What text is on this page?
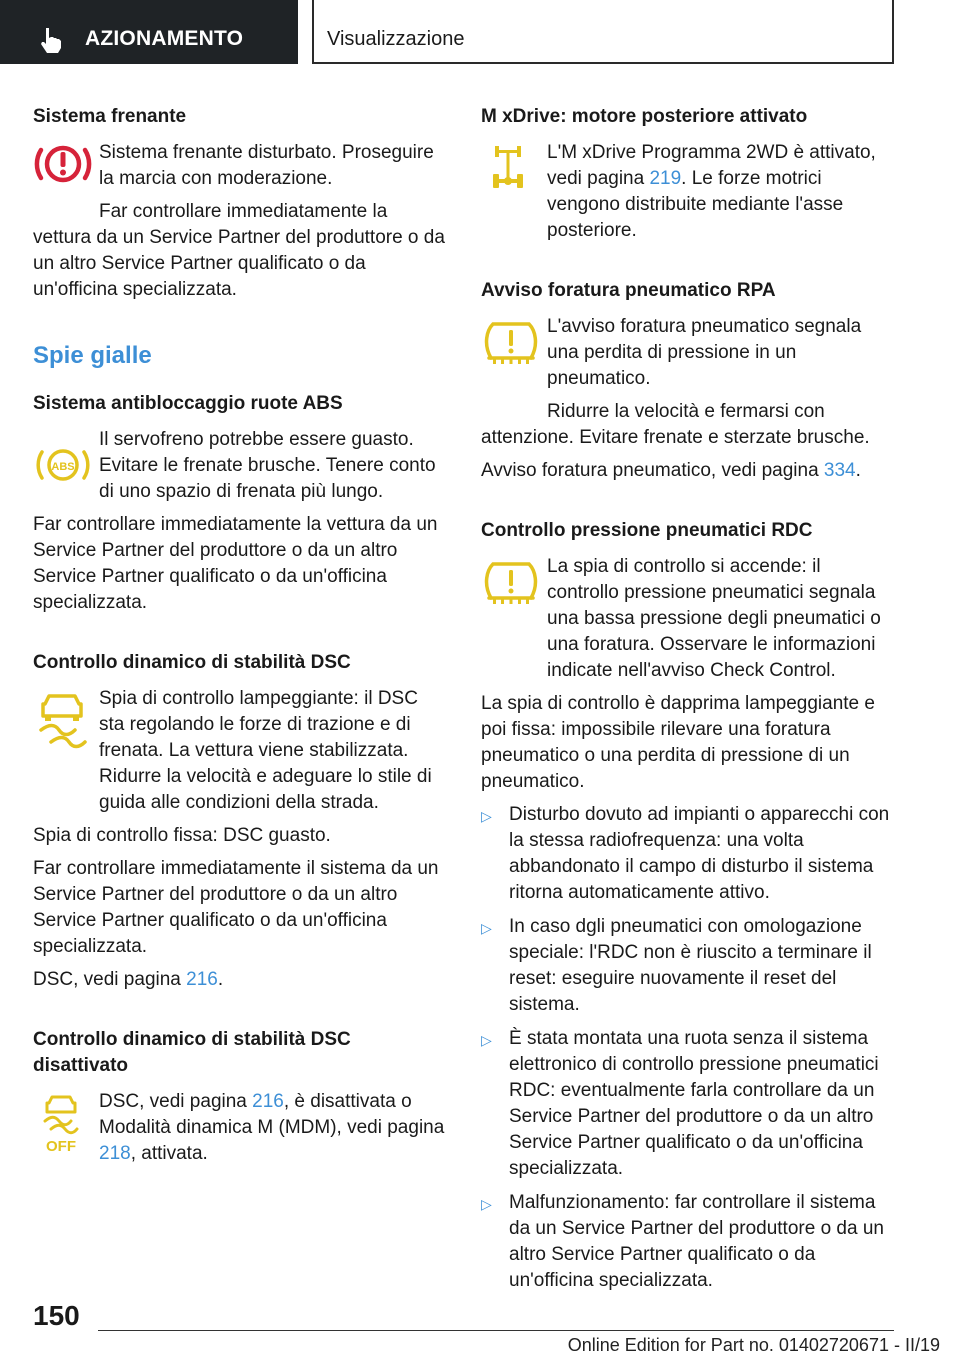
AZIONAMENTO	Visualizzazione
Sistema frenante

Sistema frenante disturbato. Proseguire la marcia con moderazione.

Far controllare immediatamente la vettura da un Service Partner del produttore o da un altro Service Partner qualificato o da un'officina specializzata.

Spie gialle
Sistema antibloccaggio ruote ABS
ABS

Il servofreno potrebbe essere guasto. Evitare le frenate brusche. Tenere conto di uno spazio di frenata più lungo.

Far controllare immediatamente la vettura da un Service Partner del produttore o da un altro Service Partner qualificato o da un'officina specializzata.

Controllo dinamico di stabilità DSC

Spia di controllo lampeggiante: il DSC sta regolando le forze di trazione e di frenata. La vettura viene stabilizzata. Ridurre la velocità e adeguare lo stile di guida alle condizioni della strada.

Spia di controllo fissa: DSC guasto.

Far controllare immediatamente il sistema da un Service Partner del produttore o da un altro Service Partner qualificato o da un'officina specializzata.

DSC, vedi pagina 216.

Controllo dinamico di stabilità DSC disattivato
OFF

DSC, vedi pagina 216, è disattivata o Modalità dinamica M (MDM), vedi pagina 218, attivata.

M xDrive: motore posteriore attivato

L'M xDrive Programma 2WD è attivato, vedi pagina 219. Le forze motrici vengono distribuite mediante l'asse posteriore.

Avviso foratura pneumatico RPA

L'avviso foratura pneumatico segnala una perdita di pressione in un pneumatico.

Ridurre la velocità e fermarsi con attenzione. Evitare frenate e sterzate brusche.

Avviso foratura pneumatico, vedi pagina 334.

Controllo pressione pneumatici RDC

La spia di controllo si accende: il controllo pressione pneumatici segnala una bassa pressione degli pneumatici o una foratura. Osservare le informazioni indicate nell'avviso Check Control.

La spia di controllo è dapprima lampeggiante e poi fissa: impossibile rilevare una foratura pneumatico o una perdita di pressione di un pneumatico.

▷ Disturbo dovuto ad impianti o apparecchi con la stessa radiofrequenza: una volta abbandonato il campo di disturbo il sistema ritorna automaticamente attivo.
▷ In caso dgli pneumatici con omologazione speciale: l'RDC non è riuscito a terminare il reset: eseguire nuovamente il reset del sistema.
▷ È stata montata una ruota senza il sistema elettronico di controllo pressione pneumatici RDC: eventualmente farla controllare da un Service Partner del produttore o da un altro Service Partner qualificato o da un'officina specializzata.
▷ Malfunzionamento: far controllare il sistema da un Service Partner del produttore o da un altro Service Partner qualificato o da un'officina specializzata.
150
Online Edition for Part no. 01402720671 - II/19
